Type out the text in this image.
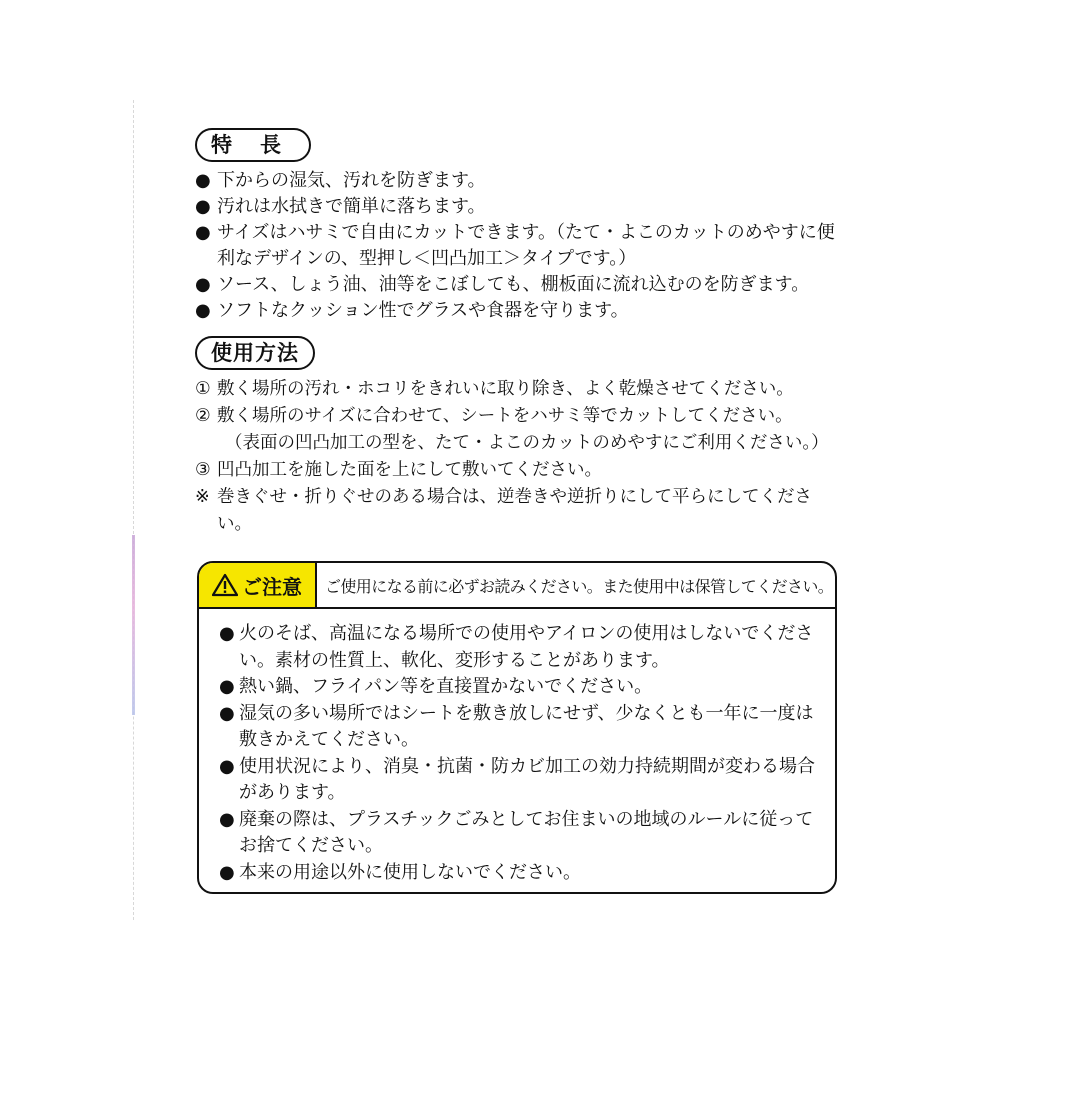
特長
● 下からの湿気、汚れを防ぎます。
● 汚れは水拭きで簡単に落ちます。
● サイズはハサミで自由にカットできます。（たて・よこのカットのめやすに便利なデザインの、型押し＜凹凸加工＞タイプです。）
● ソース、しょう油、油等をこぼしても、棚板面に流れ込むのを防ぎます。
● ソフトなクッション性でグラスや食器を守ります。
使用方法
① 敷く場所の汚れ・ホコリをきれいに取り除き、よく乾燥させてください。
② 敷く場所のサイズに合わせて、シートをハサミ等でカットしてください。
（表面の凹凸加工の型を、たて・よこのカットのめやすにご利用ください。）
③ 凹凸加工を施した面を上にして敷いてください。
※ 巻きぐせ・折りぐせのある場合は、逆巻きや逆折りにして平らにしてください。
ご注意	ご使用になる前に必ずお読みください。また使用中は保管してください。
● 火のそば、高温になる場所での使用やアイロンの使用はしないでください。素材の性質上、軟化、変形することがあります。
● 熱い鍋、フライパン等を直接置かないでください。
● 湿気の多い場所ではシートを敷き放しにせず、少なくとも一年に一度は敷きかえてください。
● 使用状況により、消臭・抗菌・防カビ加工の効力持続期間が変わる場合があります。
● 廃棄の際は、プラスチックごみとしてお住まいの地域のルールに従ってお捨てください。
● 本来の用途以外に使用しないでください。
